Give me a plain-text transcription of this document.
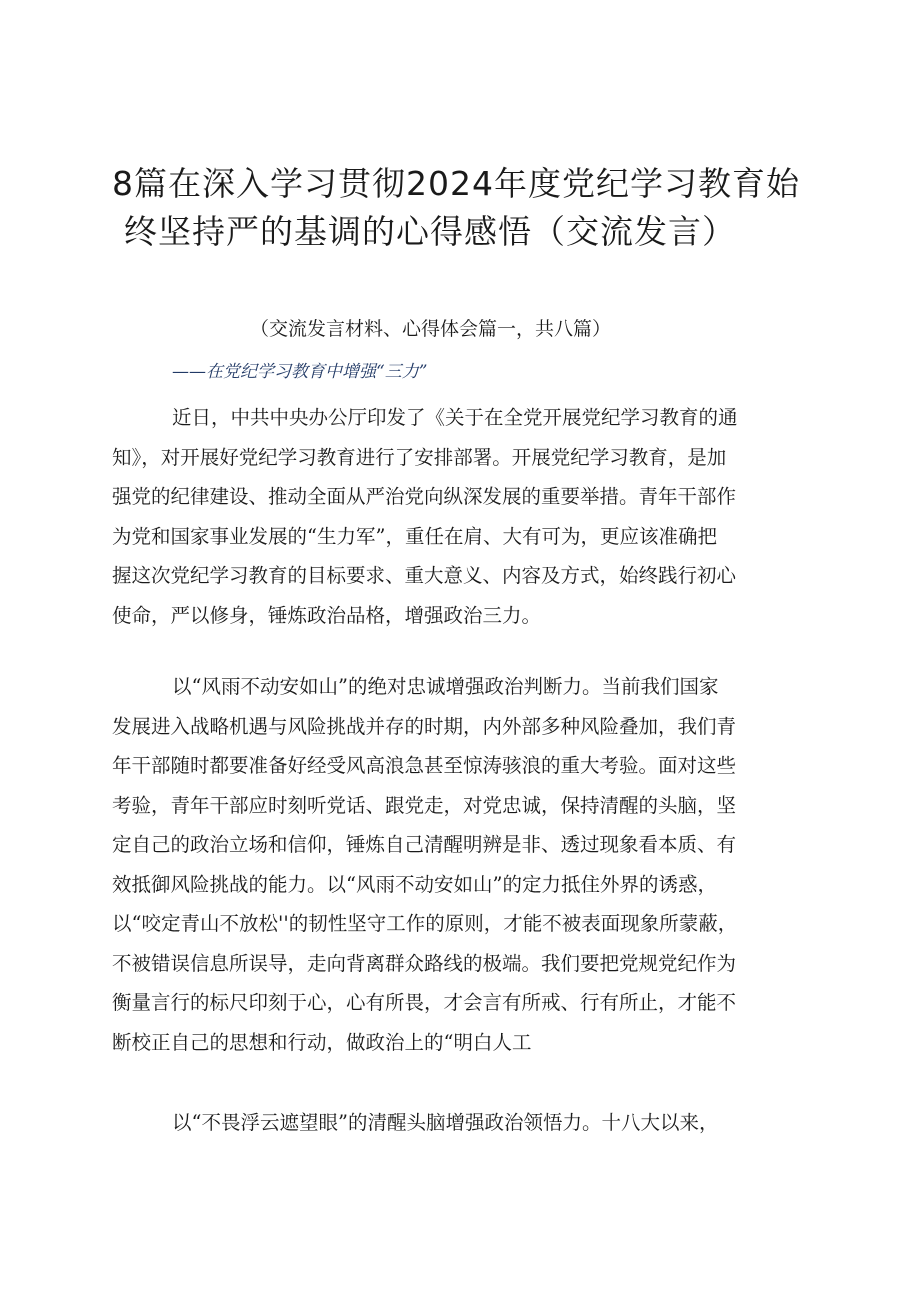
8篇在深入学习贯彻2024年度党纪学习教育始
终坚持严的基调的心得感悟（交流发言）
（交流发言材料、心得体会篇一，共八篇）
——在党纪学习教育中增强“三力”
近日，中共中央办公厅印发了《关于在全党开展党纪学习教育的通
知》，对开展好党纪学习教育进行了安排部署。开展党纪学习教育，是加
强党的纪律建设、推动全面从严治党向纵深发展的重要举措。青年干部作
为党和国家事业发展的“生力军”，重任在肩、大有可为，更应该准确把
握这次党纪学习教育的目标要求、重大意义、内容及方式，始终践行初心
使命，严以修身，锤炼政治品格，增强政治三力。
以“风雨不动安如山”的绝对忠诚增强政治判断力。当前我们国家
发展进入战略机遇与风险挑战并存的时期，内外部多种风险叠加，我们青
年干部随时都要准备好经受风高浪急甚至惊涛骇浪的重大考验。面对这些
考验，青年干部应时刻听党话、跟党走，对党忠诚，保持清醒的头脑，坚
定自己的政治立场和信仰，锤炼自己清醒明辨是非、透过现象看本质、有
效抵御风险挑战的能力。以“风雨不动安如山”的定力抵住外界的诱惑，
以“咬定青山不放松''的韧性坚守工作的原则，才能不被表面现象所蒙蔽，
不被错误信息所误导，走向背离群众路线的极端。我们要把党规党纪作为
衡量言行的标尺印刻于心，心有所畏，才会言有所戒、行有所止，才能不
断校正自己的思想和行动，做政治上的“明白人工
以“不畏浮云遮望眼”的清醒头脑增强政治领悟力。十八大以来，
